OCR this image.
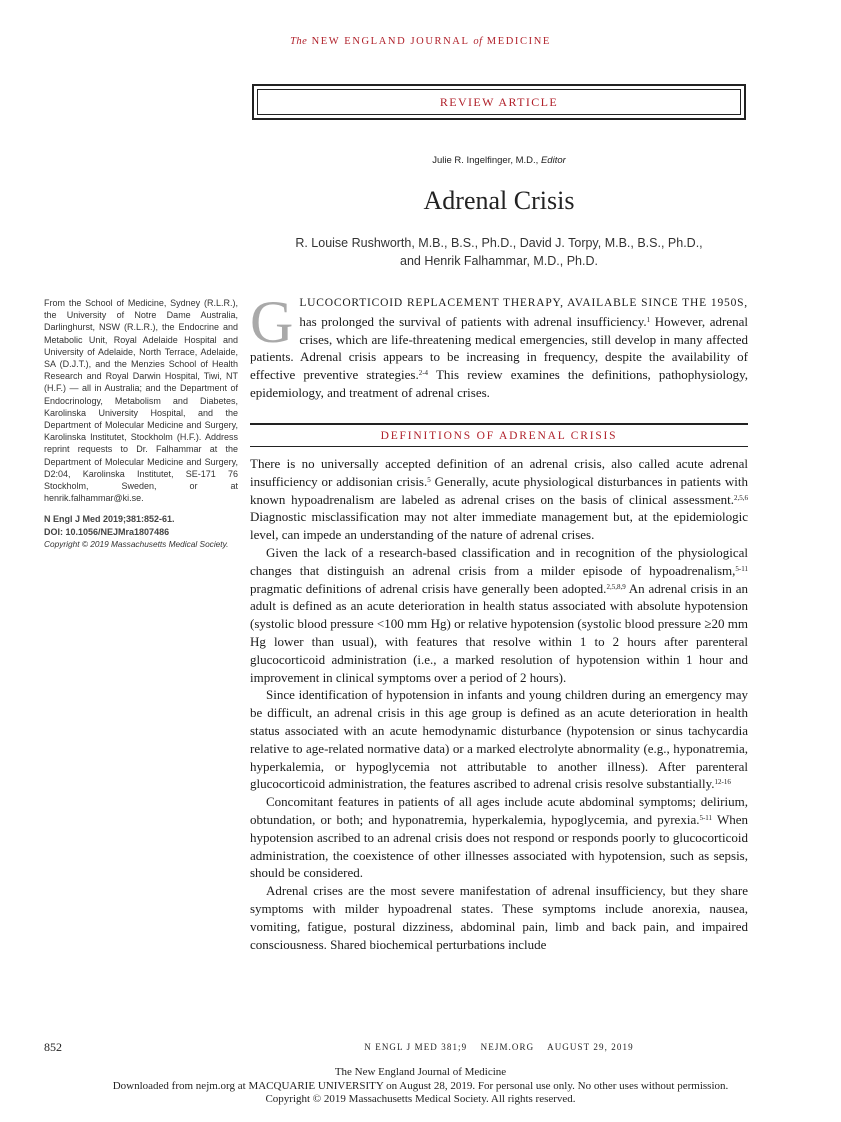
The NEW ENGLAND JOURNAL of MEDICINE
REVIEW ARTICLE
Julie R. Ingelfinger, M.D., Editor
Adrenal Crisis
R. Louise Rushworth, M.B., B.S., Ph.D., David J. Torpy, M.B., B.S., Ph.D.,
and Henrik Falhammar, M.D., Ph.D.

From the School of Medicine, Sydney (R.L.R.), the University of Notre Dame Australia, Darlinghurst, NSW (R.L.R.), the Endocrine and Metabolic Unit, Royal Adelaide Hospital and University of Adelaide, North Terrace, Adelaide, SA (D.J.T.), and the Menzies School of Health Research and Royal Darwin Hospital, Tiwi, NT (H.F.) — all in Australia; and the Department of Endocrinology, Metabolism and Diabetes, Karolinska University Hospital, and the Department of Molecular Medicine and Surgery, Karolinska Institutet, Stockholm (H.F.). Address reprint requests to Dr. Falhammar at the Department of Molecular Medicine and Surgery, D2:04, Karolinska Institutet, SE-171 76 Stockholm, Sweden, or at henrik.falhammar@ki.se.

N Engl J Med 2019;381:852-61.

DOI: 10.1056/NEJMra1807486

Copyright © 2019 Massachusetts Medical Society.

GLUCOCORTICOID REPLACEMENT THERAPY, AVAILABLE SINCE THE 1950S, has prolonged the survival of patients with adrenal insufficiency.$^1$ However, adrenal crises, which are life-threatening medical emergencies, still develop in many affected patients. Adrenal crisis appears to be increasing in frequency, despite the availability of effective preventive strategies.$^{2-4}$ This review examines the definitions, pathophysiology, epidemiology, and treatment of adrenal crises.
DEFINITIONS OF ADRENAL CRISIS

There is no universally accepted definition of an adrenal crisis, also called acute adrenal insufficiency or addisonian crisis.$^5$ Generally, acute physiological disturbances in patients with known hypoadrenalism are labeled as adrenal crises on the basis of clinical assessment.$^{2,5,6}$ Diagnostic misclassification may not alter immediate management but, at the epidemiologic level, can impede an understanding of the nature of adrenal crises.

Given the lack of a research-based classification and in recognition of the physiological changes that distinguish an adrenal crisis from a milder episode of hypoadrenalism,$^{5-11}$ pragmatic definitions of adrenal crisis have generally been adopted.$^{2,5,8,9}$ An adrenal crisis in an adult is defined as an acute deterioration in health status associated with absolute hypotension (systolic blood pressure <100 mm Hg) or relative hypotension (systolic blood pressure ≥20 mm Hg lower than usual), with features that resolve within 1 to 2 hours after parenteral glucocorticoid administration (i.e., a marked resolution of hypotension within 1 hour and improvement in clinical symptoms over a period of 2 hours).

Since identification of hypotension in infants and young children during an emergency may be difficult, an adrenal crisis in this age group is defined as an acute deterioration in health status associated with an acute hemodynamic disturbance (hypotension or sinus tachycardia relative to age-related normative data) or a marked electrolyte abnormality (e.g., hyponatremia, hyperkalemia, or hypoglycemia not attributable to another illness). After parenteral glucocorticoid administration, the features ascribed to adrenal crisis resolve substantially.$^{12-16}$

Concomitant features in patients of all ages include acute abdominal symptoms; delirium, obtundation, or both; and hyponatremia, hyperkalemia, hypoglycemia, and pyrexia.$^{5-11}$ When hypotension ascribed to an adrenal crisis does not respond or responds poorly to glucocorticoid administration, the coexistence of other illnesses associated with hypotension, such as sepsis, should be considered.

Adrenal crises are the most severe manifestation of adrenal insufficiency, but they share symptoms with milder hypoadrenal states. These symptoms include anorexia, nausea, vomiting, fatigue, postural dizziness, abdominal pain, limb and back pain, and impaired consciousness. Shared biochemical perturbations include

852	N ENGL J MED 381;9    NEJM.ORG    AUGUST 29, 2019
The New England Journal of Medicine
Downloaded from nejm.org at MACQUARIE UNIVERSITY on August 28, 2019. For personal use only. No other uses without permission.
Copyright © 2019 Massachusetts Medical Society. All rights reserved.
